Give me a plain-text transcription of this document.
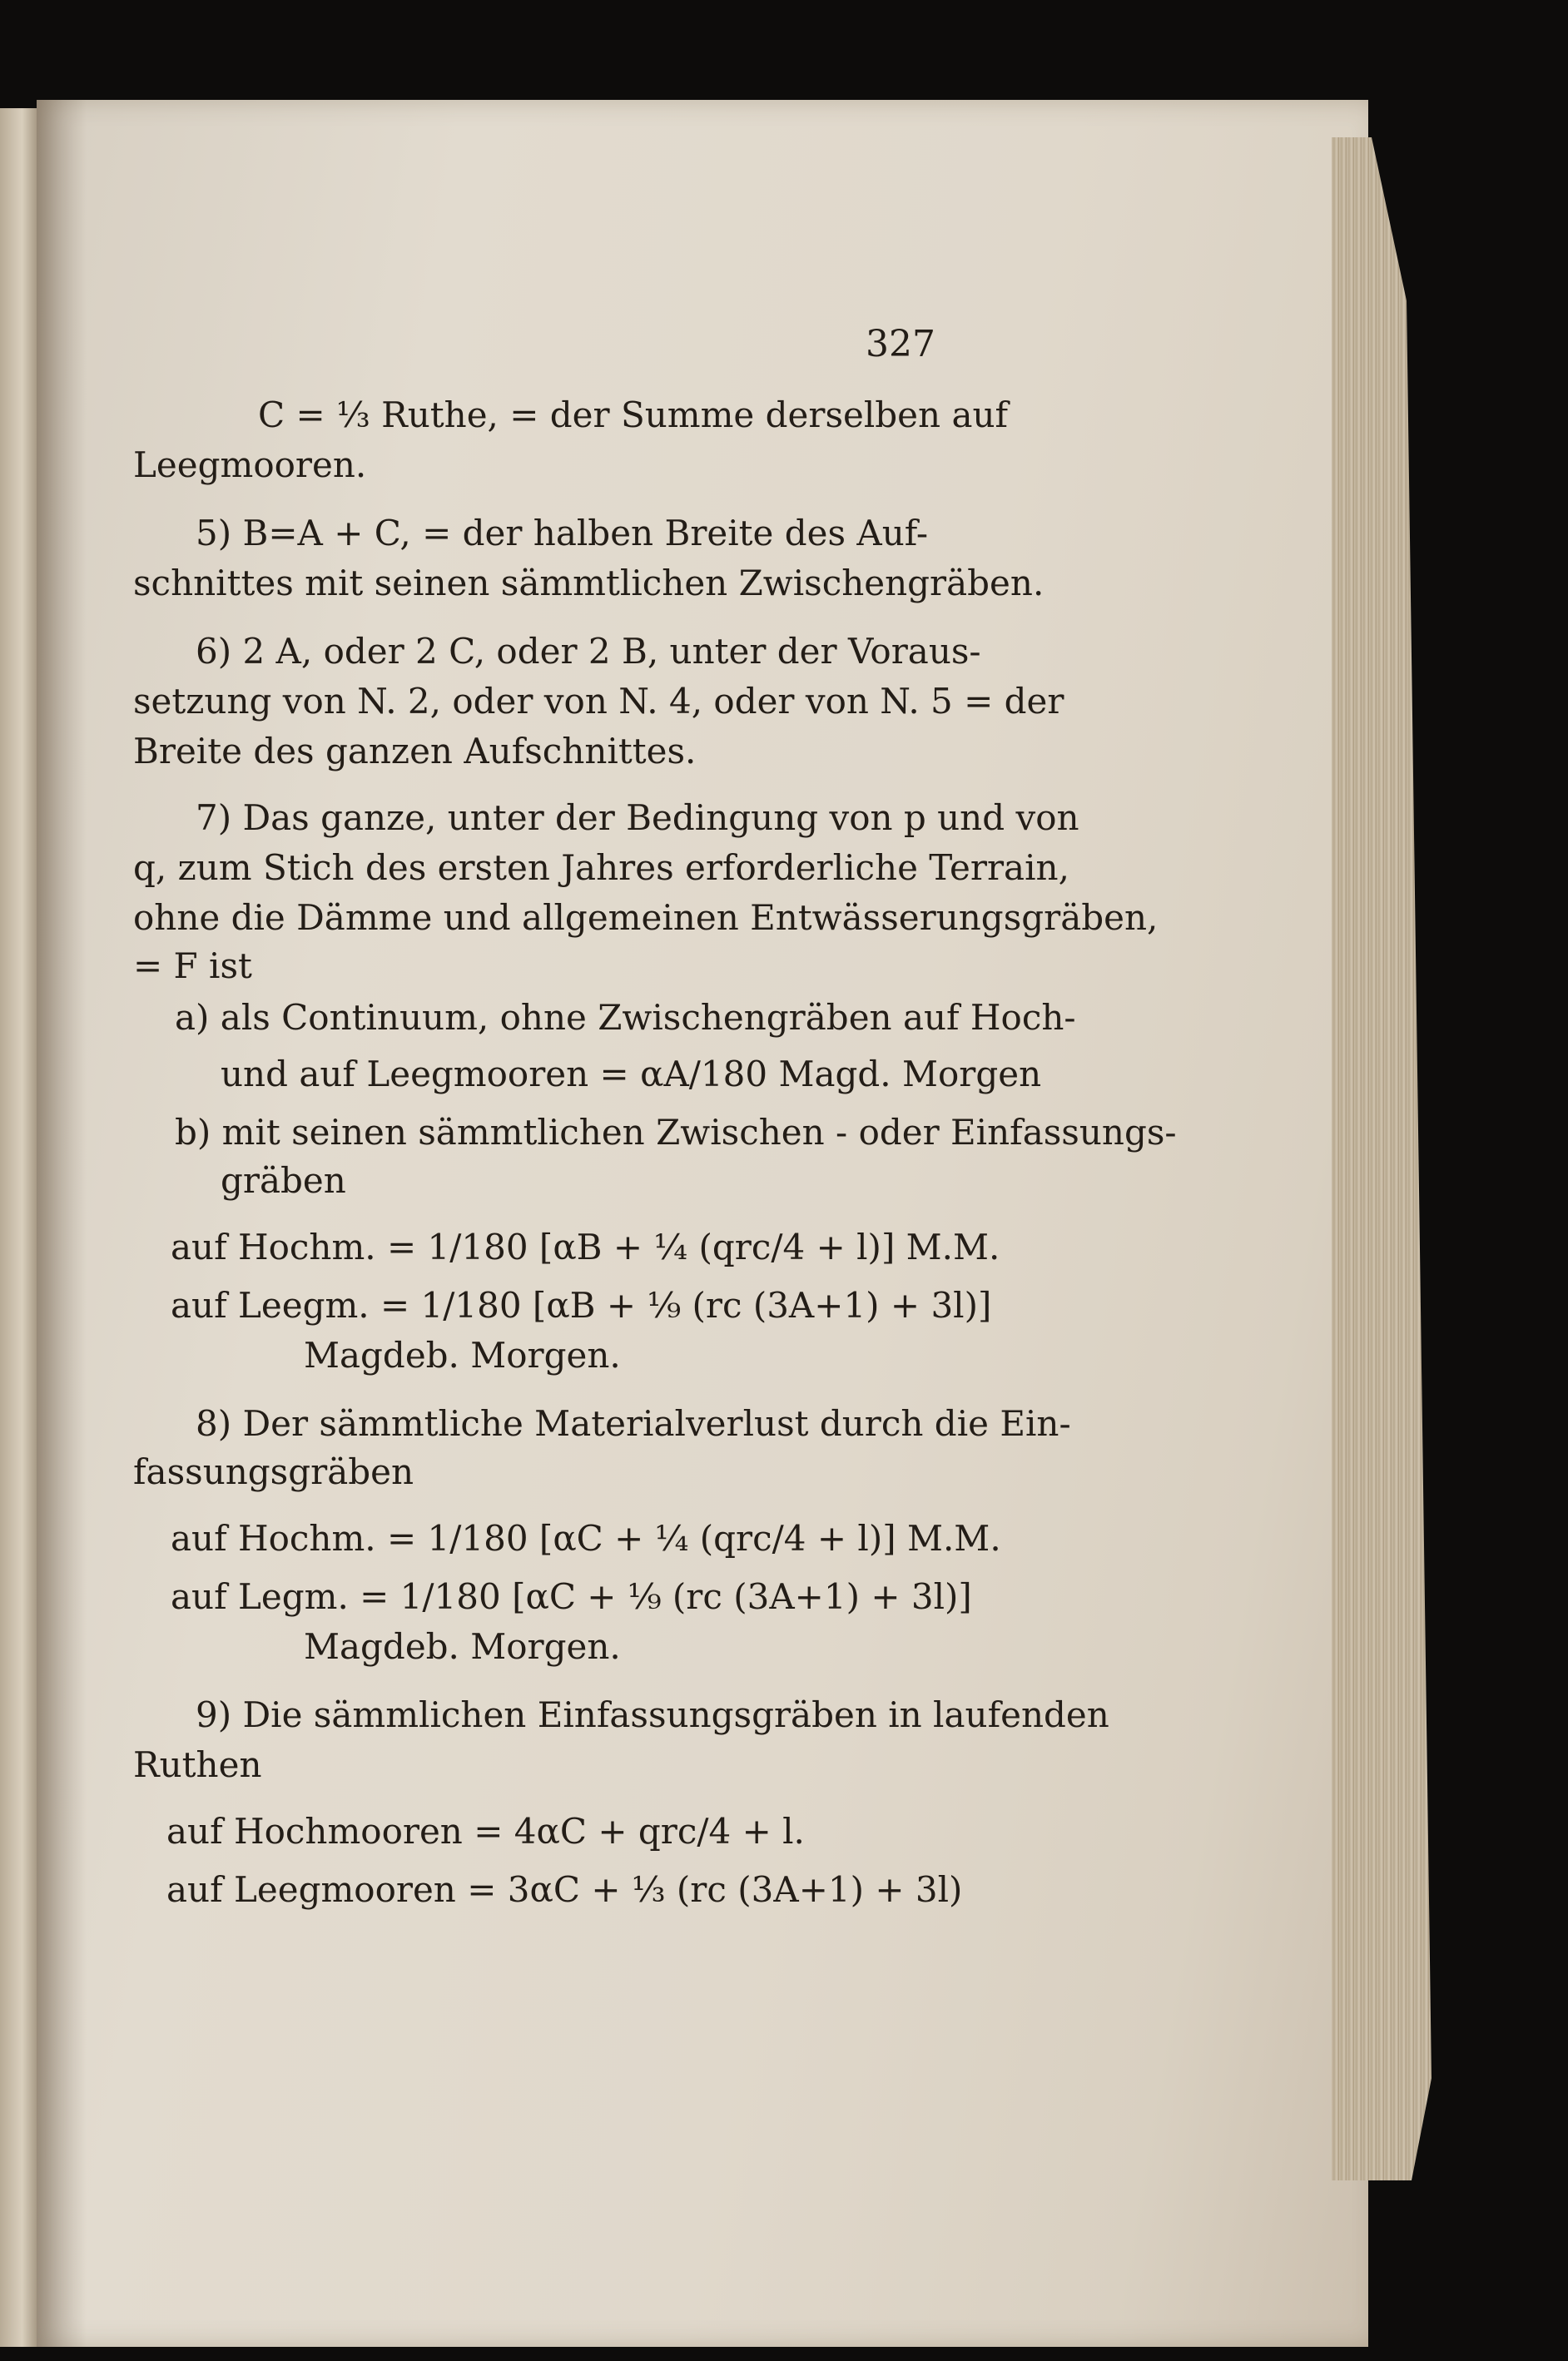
327
C = ⅓ Ruthe, = der Summe derselben auf
Leegmooren.
5) B=A + C, = der halben Breite des Auf-
schnittes mit seinen sämmtlichen Zwischengräben.
6) 2 A, oder 2 C, oder 2 B, unter der Voraus-
setzung von N. 2, oder von N. 4, oder von N. 5 = der
Breite des ganzen Aufschnittes.
7) Das ganze, unter der Bedingung von p und von
q, zum Stich des ersten Jahres erforderliche Terrain,
ohne die Dämme und allgemeinen Entwässerungsgräben,
= F ist
a) als Continuum, ohne Zwischengräben auf Hoch-
und auf Leegmooren = αA/180 Magd. Morgen
b) mit seinen sämmtlichen Zwischen - oder Einfassungs-
gräben
auf Hochm. = 1/180 [αB + ¼ (qrc/4 + l)] M.M.
auf Leegm. = 1/180 [αB + ⅑ (rc (3A+1) + 3l)]
Magdeb. Morgen.
8) Der sämmtliche Materialverlust durch die Ein-
fassungsgräben
auf Hochm. = 1/180 [αC + ¼ (qrc/4 + l)] M.M.
auf Legm. = 1/180 [αC + ⅑ (rc (3A+1) + 3l)]
Magdeb. Morgen.
9) Die sämmlichen Einfassungsgräben in laufenden
Ruthen
auf Hochmooren = 4αC + qrc/4 + l.
auf Leegmooren = 3αC + ⅓ (rc (3A+1) + 3l)
